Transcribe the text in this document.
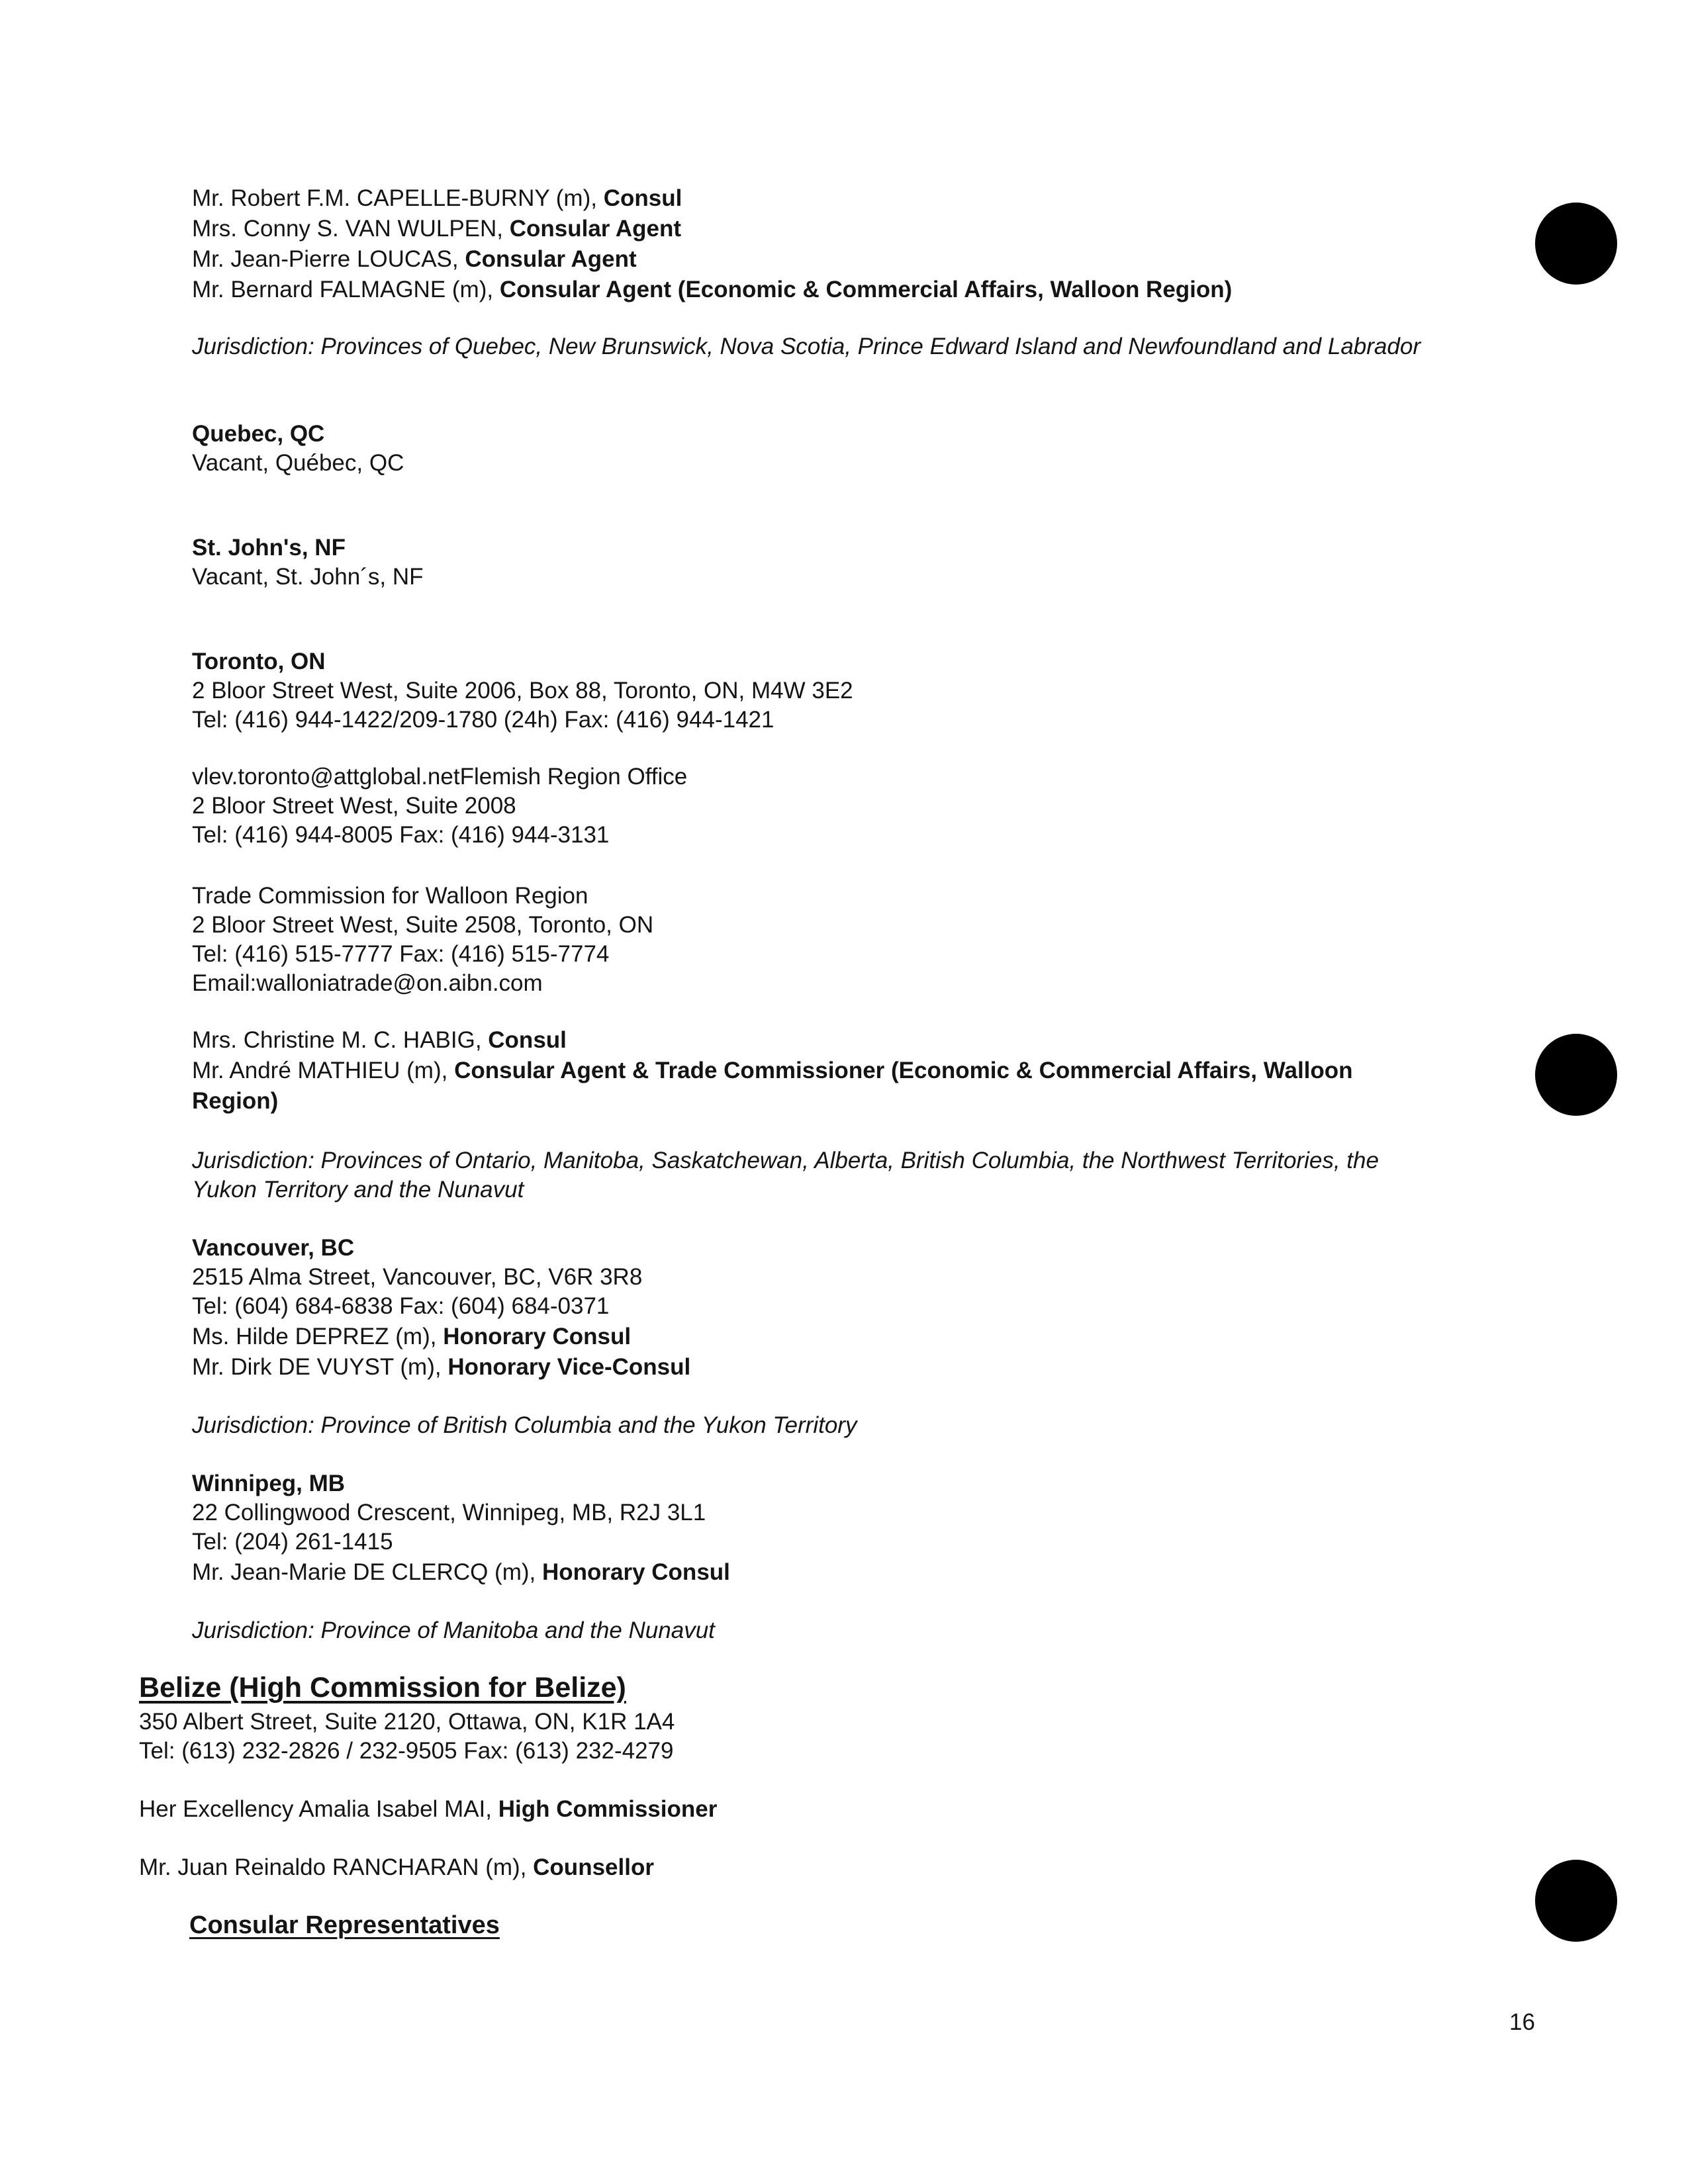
Mr. Robert F.M. CAPELLE-BURNY (m), Consul
Mrs. Conny S. VAN WULPEN, Consular Agent
Mr. Jean-Pierre LOUCAS, Consular Agent
Mr. Bernard FALMAGNE (m), Consular Agent (Economic & Commercial Affairs, Walloon Region)
Jurisdiction: Provinces of Quebec, New Brunswick, Nova Scotia, Prince Edward Island and Newfoundland and Labrador
Quebec, QC
Vacant, Québec, QC
St. John's, NF
Vacant, St. John´s, NF
Toronto, ON
2 Bloor Street West, Suite 2006, Box 88, Toronto, ON, M4W 3E2
Tel: (416) 944-1422/209-1780 (24h) Fax: (416) 944-1421
vlev.toronto@attglobal.netFlemish Region Office
2 Bloor Street West, Suite 2008
Tel: (416) 944-8005 Fax: (416) 944-3131
Trade Commission for Walloon Region
2 Bloor Street West, Suite 2508, Toronto, ON
Tel: (416) 515-7777 Fax: (416) 515-7774
Email:walloniatrade@on.aibn.com
Mrs. Christine M. C. HABIG, Consul
Mr. André MATHIEU (m), Consular Agent & Trade Commissioner (Economic & Commercial Affairs, Walloon
Region)
Jurisdiction: Provinces of Ontario, Manitoba, Saskatchewan, Alberta, British Columbia, the Northwest Territories, the
Yukon Territory and the Nunavut
Vancouver, BC
2515 Alma Street, Vancouver, BC, V6R 3R8
Tel: (604) 684-6838 Fax: (604) 684-0371
Ms. Hilde DEPREZ (m), Honorary Consul
Mr. Dirk DE VUYST (m), Honorary Vice-Consul
Jurisdiction: Province of British Columbia and the Yukon Territory
Winnipeg, MB
22 Collingwood Crescent, Winnipeg, MB, R2J 3L1
Tel: (204) 261-1415
Mr. Jean-Marie DE CLERCQ (m), Honorary Consul
Jurisdiction: Province of Manitoba and the Nunavut
Belize (High Commission for Belize)
350 Albert Street, Suite 2120, Ottawa, ON, K1R 1A4
Tel: (613) 232-2826 / 232-9505 Fax: (613) 232-4279
Her Excellency Amalia Isabel MAI, High Commissioner
Mr. Juan Reinaldo RANCHARAN (m), Counsellor
Consular Representatives
16
